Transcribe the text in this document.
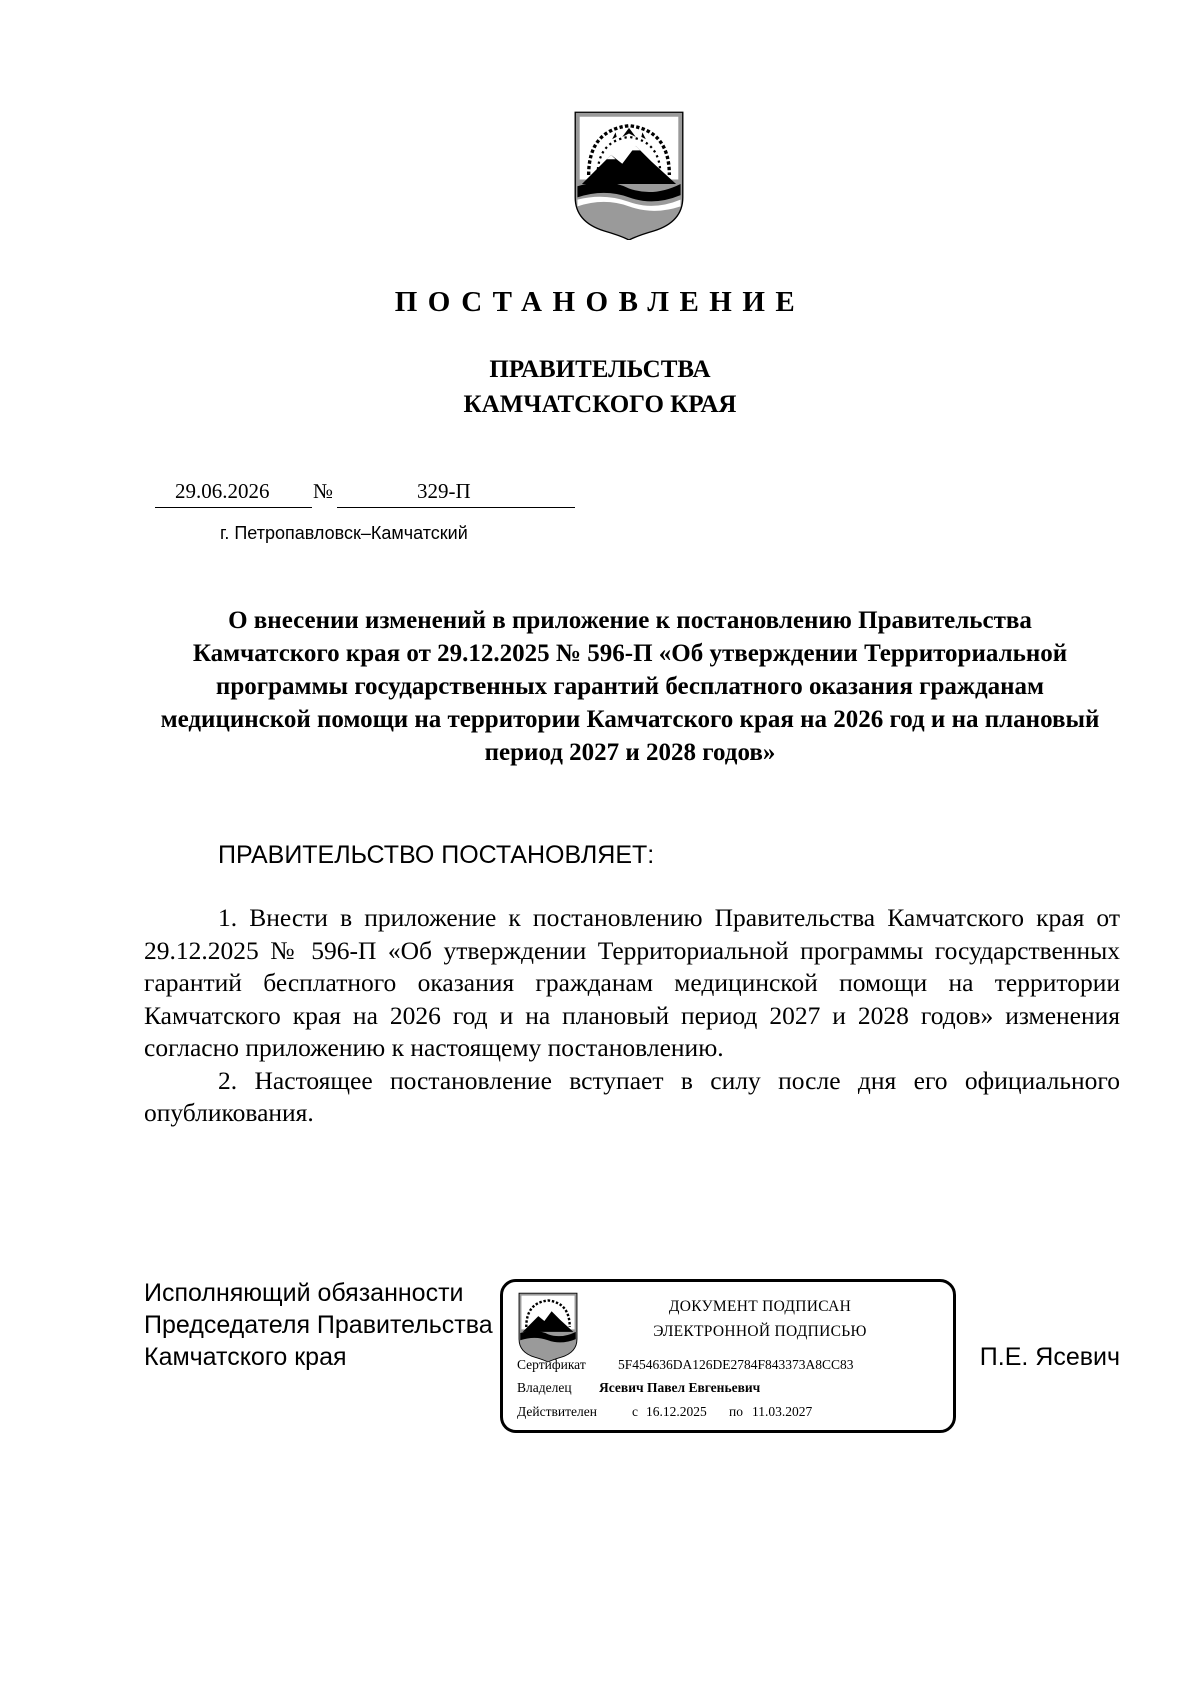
ПОСТАНОВЛЕНИЕ
ПРАВИТЕЛЬСТВА
КАМЧАТСКОГО КРАЯ
29.06.2026 №	329-П
г. Петропавловск–Камчатский
О внесении изменений в приложение к постановлению Правительства Камчатского края от 29.12.2025 № 596-П «Об утверждении Территориальной программы государственных гарантий бесплатного оказания гражданам медицинской помощи на территории Камчатского края на 2026 год и на плановый период 2027 и 2028 годов»
ПРАВИТЕЛЬСТВО ПОСТАНОВЛЯЕТ:

1. Внести в приложение к постановлению Правительства Камчатского края от 29.12.2025 № 596-П «Об утверждении Территориальной программы государственных гарантий бесплатного оказания гражданам медицинской помощи на территории Камчатского края на 2026 год и на плановый период 2027 и 2028 годов» изменения согласно приложению к настоящему постановлению.

2. Настоящее постановление вступает в силу после дня его официального опубликования.

Исполняющий обязанности
Председателя Правительства
Камчатского края
ДОКУМЕНТ ПОДПИСАН
ЭЛЕКТРОННОЙ ПОДПИСЬЮ
Сертификат 5F454636DA126DE2784F843373A8CC83
Владелец Ясевич Павел Евгеньевич
Действителен	с 16.12.2025 по 11.03.2027
П.Е. Ясевич
